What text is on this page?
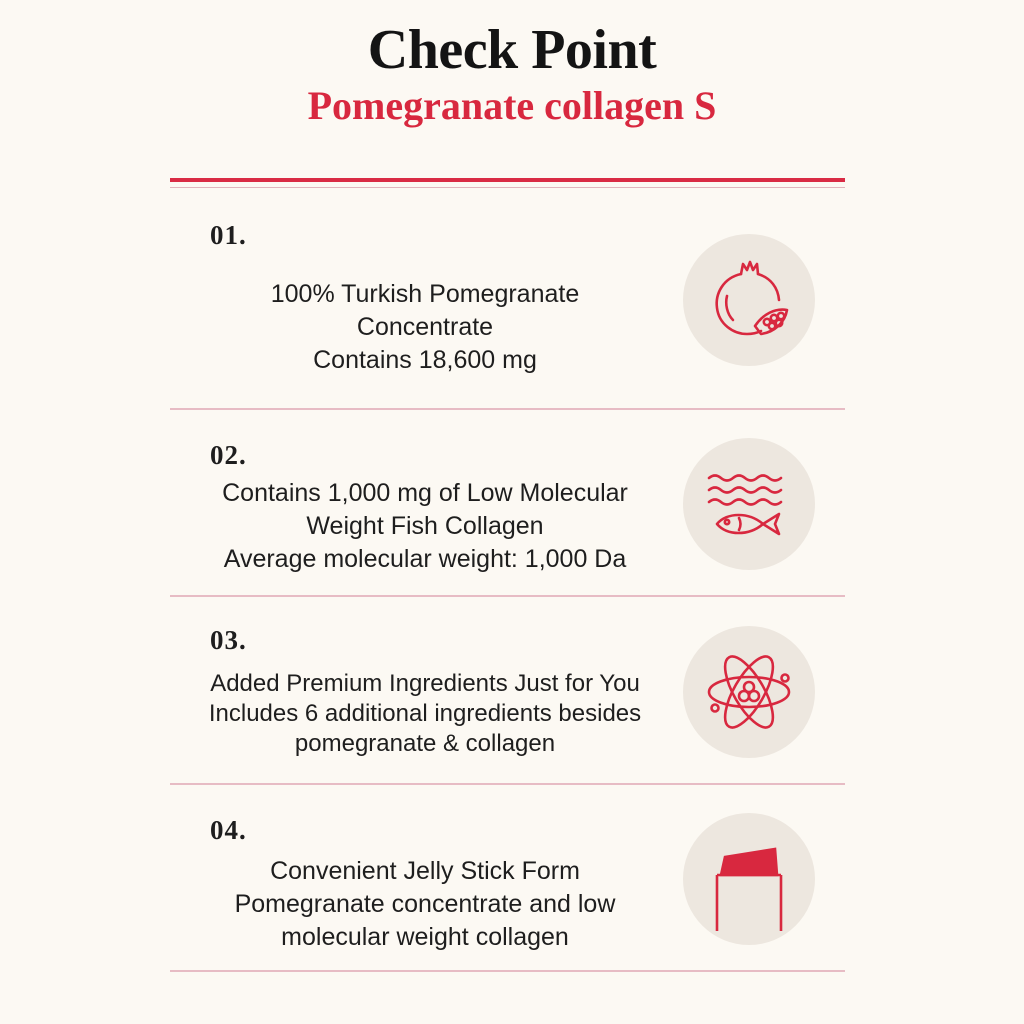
Check Point
Pomegranate collagen S
01.
100% Turkish Pomegranate
Concentrate
Contains 18,600 mg
02.
Contains 1,000 mg of Low Molecular
Weight Fish Collagen
Average molecular weight: 1,000 Da
03.
Added Premium Ingredients Just for You
Includes 6 additional ingredients besides
pomegranate & collagen
04.
Convenient Jelly Stick Form
Pomegranate concentrate and low
molecular weight collagen
